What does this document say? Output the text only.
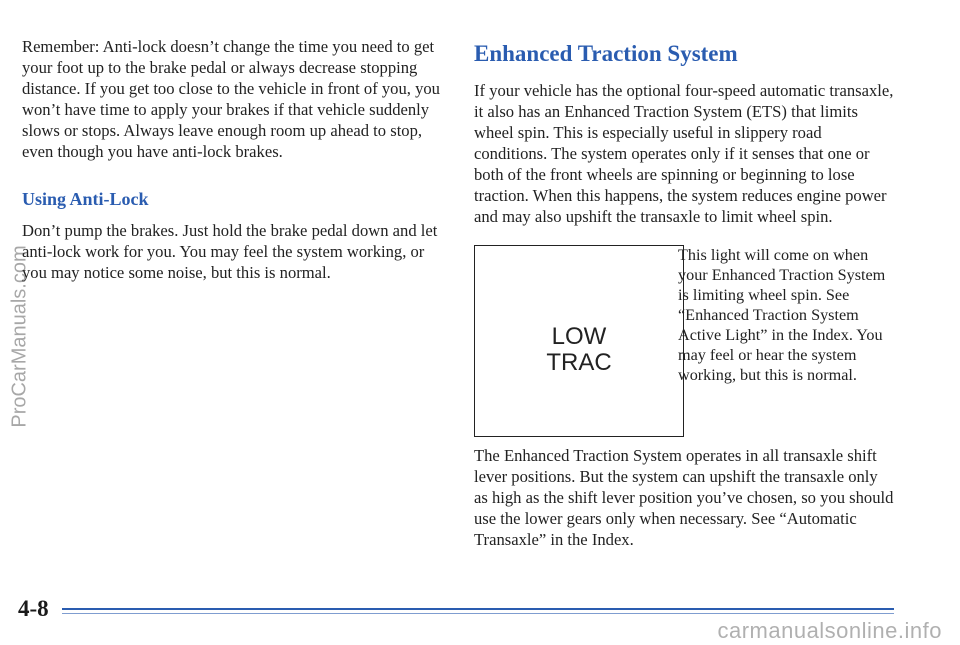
Remember: Anti-lock doesn’t change the time you need to get your foot up to the brake pedal or always decrease stopping distance. If you get too close to the vehicle in front of you, you won’t have time to apply your brakes if that vehicle suddenly slows or stops. Always leave enough room up ahead to stop, even though you have anti-lock brakes.

Using Anti-Lock

Don’t pump the brakes. Just hold the brake pedal down and let anti-lock work for you. You may feel the system working, or you may notice some noise, but this is normal.

Enhanced Traction System

If your vehicle has the optional four-speed automatic transaxle, it also has an Enhanced Traction System (ETS) that limits wheel spin. This is especially useful in slippery road conditions. The system operates only if it senses that one or both of the front wheels are spinning or beginning to lose traction. When this happens, the system reduces engine power and may also upshift the transaxle to limit wheel spin.

LOW
TRAC

This light will come on when your Enhanced Traction System is limiting wheel spin. See “Enhanced Traction System Active Light” in the Index. You may feel or hear the system working, but this is normal.

The Enhanced Traction System operates in all transaxle shift lever positions. But the system can upshift the transaxle only as high as the shift lever position you’ve chosen, so you should use the lower gears only when necessary. See “Automatic Transaxle” in the Index.

ProCarManuals.com
4-8
carmanualsonline.info
